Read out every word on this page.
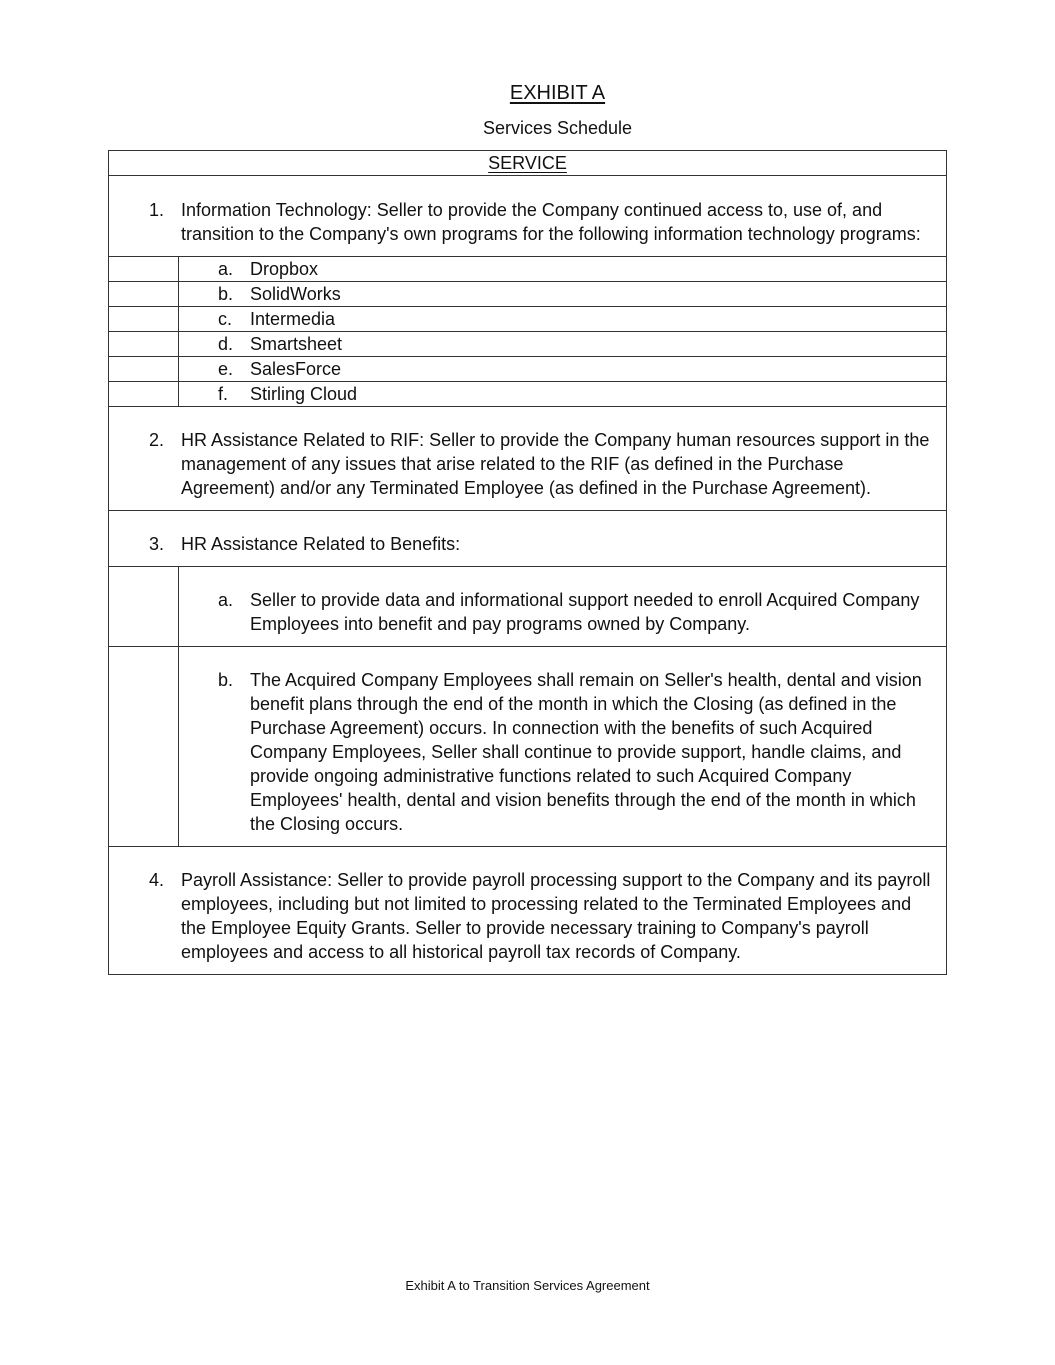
EXHIBIT A
Services Schedule
SERVICE	

1. Information Technology: Seller to provide the Company continued access to, use of, and transition to the Company's own programs for the following information technology programs:	

	a. Dropbox

	b. SolidWorks

	c. Intermedia

	d. Smartsheet

	e. SalesForce

	f. Stirling Cloud

2. HR Assistance Related to RIF: Seller to provide the Company human resources support in the management of any issues that arise related to the RIF (as defined in the Purchase Agreement) and/or any Terminated Employee (as defined in the Purchase Agreement).	

3. HR Assistance Related to Benefits:	

	a. Seller to provide data and informational support needed to enroll Acquired Company Employees into benefit and pay programs owned by Company.

	b. The Acquired Company Employees shall remain on Seller's health, dental and vision benefit plans through the end of the month in which the Closing (as defined in the Purchase Agreement) occurs. In connection with the benefits of such Acquired Company Employees, Seller shall continue to provide support, handle claims, and provide ongoing administrative functions related to such Acquired Company Employees' health, dental and vision benefits through the end of the month in which the Closing occurs.

4. Payroll Assistance: Seller to provide payroll processing support to the Company and its payroll employees, including but not limited to processing related to the Terminated Employees and the Employee Equity Grants. Seller to provide necessary training to Company's payroll employees and access to all historical payroll tax records of Company.	
Exhibit A to Transition Services Agreement
